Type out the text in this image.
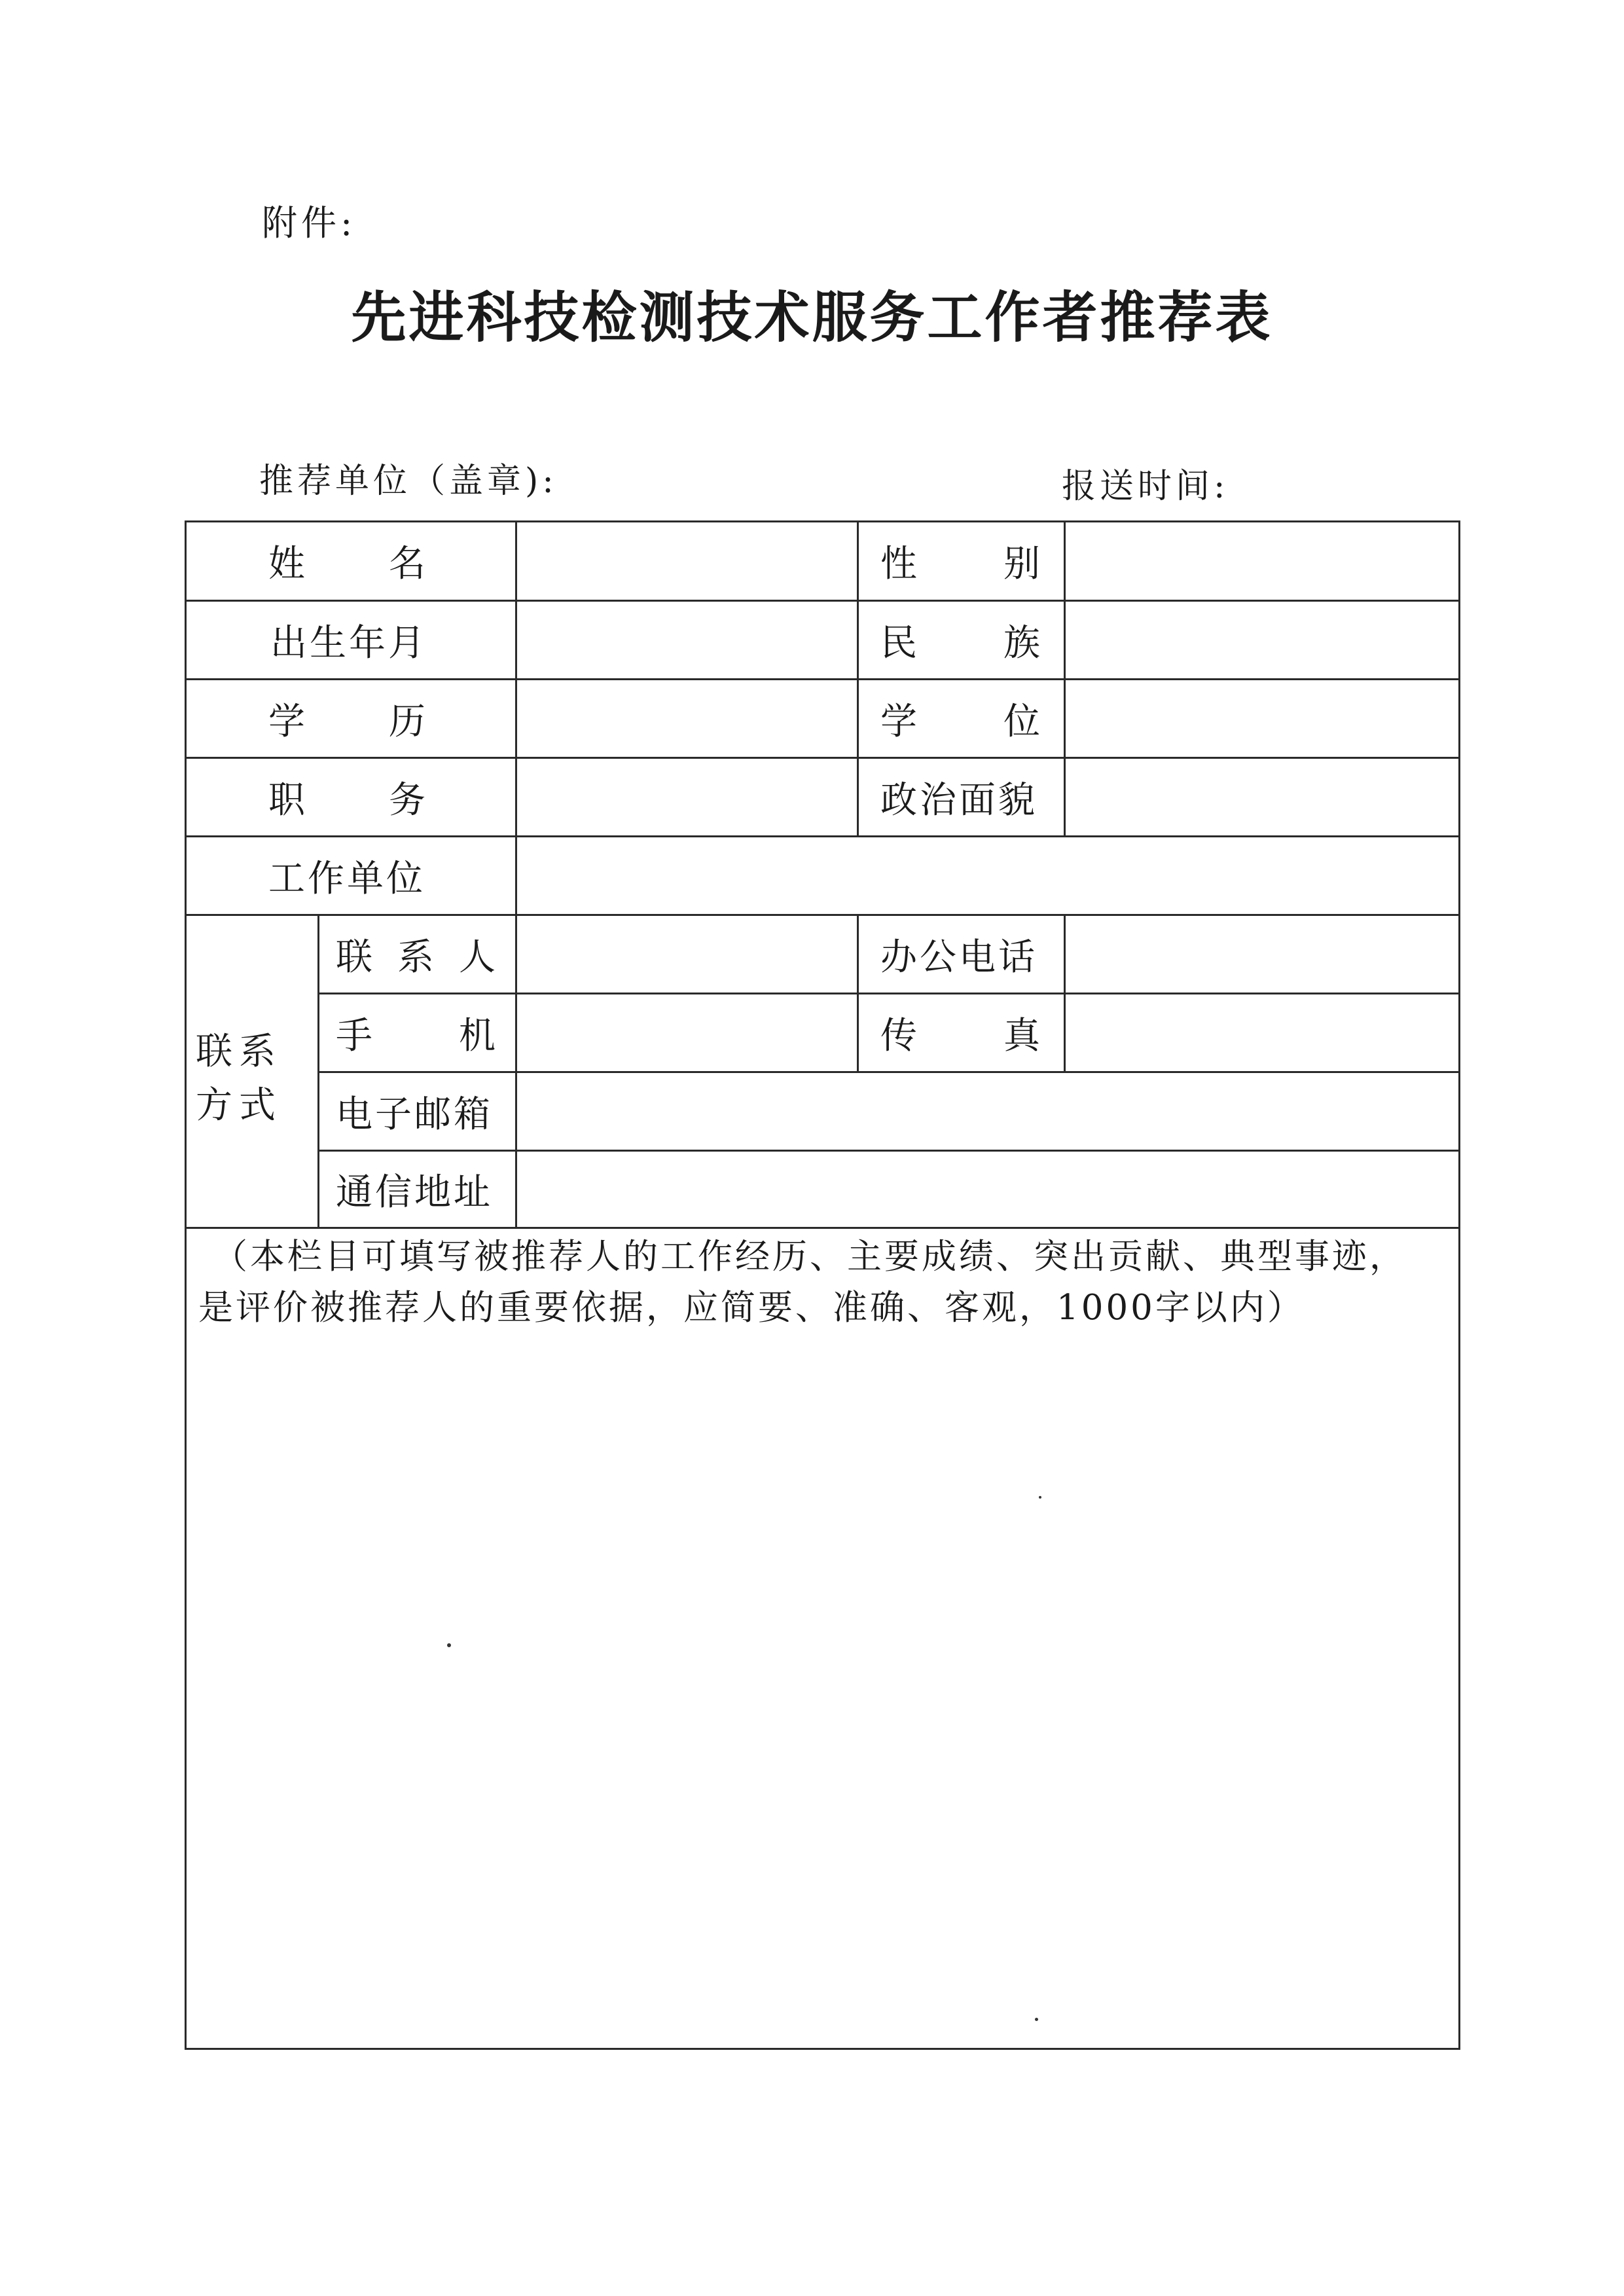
附件:
先进科技检测技术服务工作者推荐表
推荐单位（盖章):	报送时间:
姓 名	性 别
出生年月	民 族
学 历	学 位
职 务	政治面貌
工作单位
联系
方式
联 系 人	办公电话
手 机	传 真
电子邮箱
通信地址
（本栏目可填写被推荐人的工作经历、主要成绩、突出贡献、典型事迹，
是评价被推荐人的重要依据，应简要、准确、客观，1000字以内）
